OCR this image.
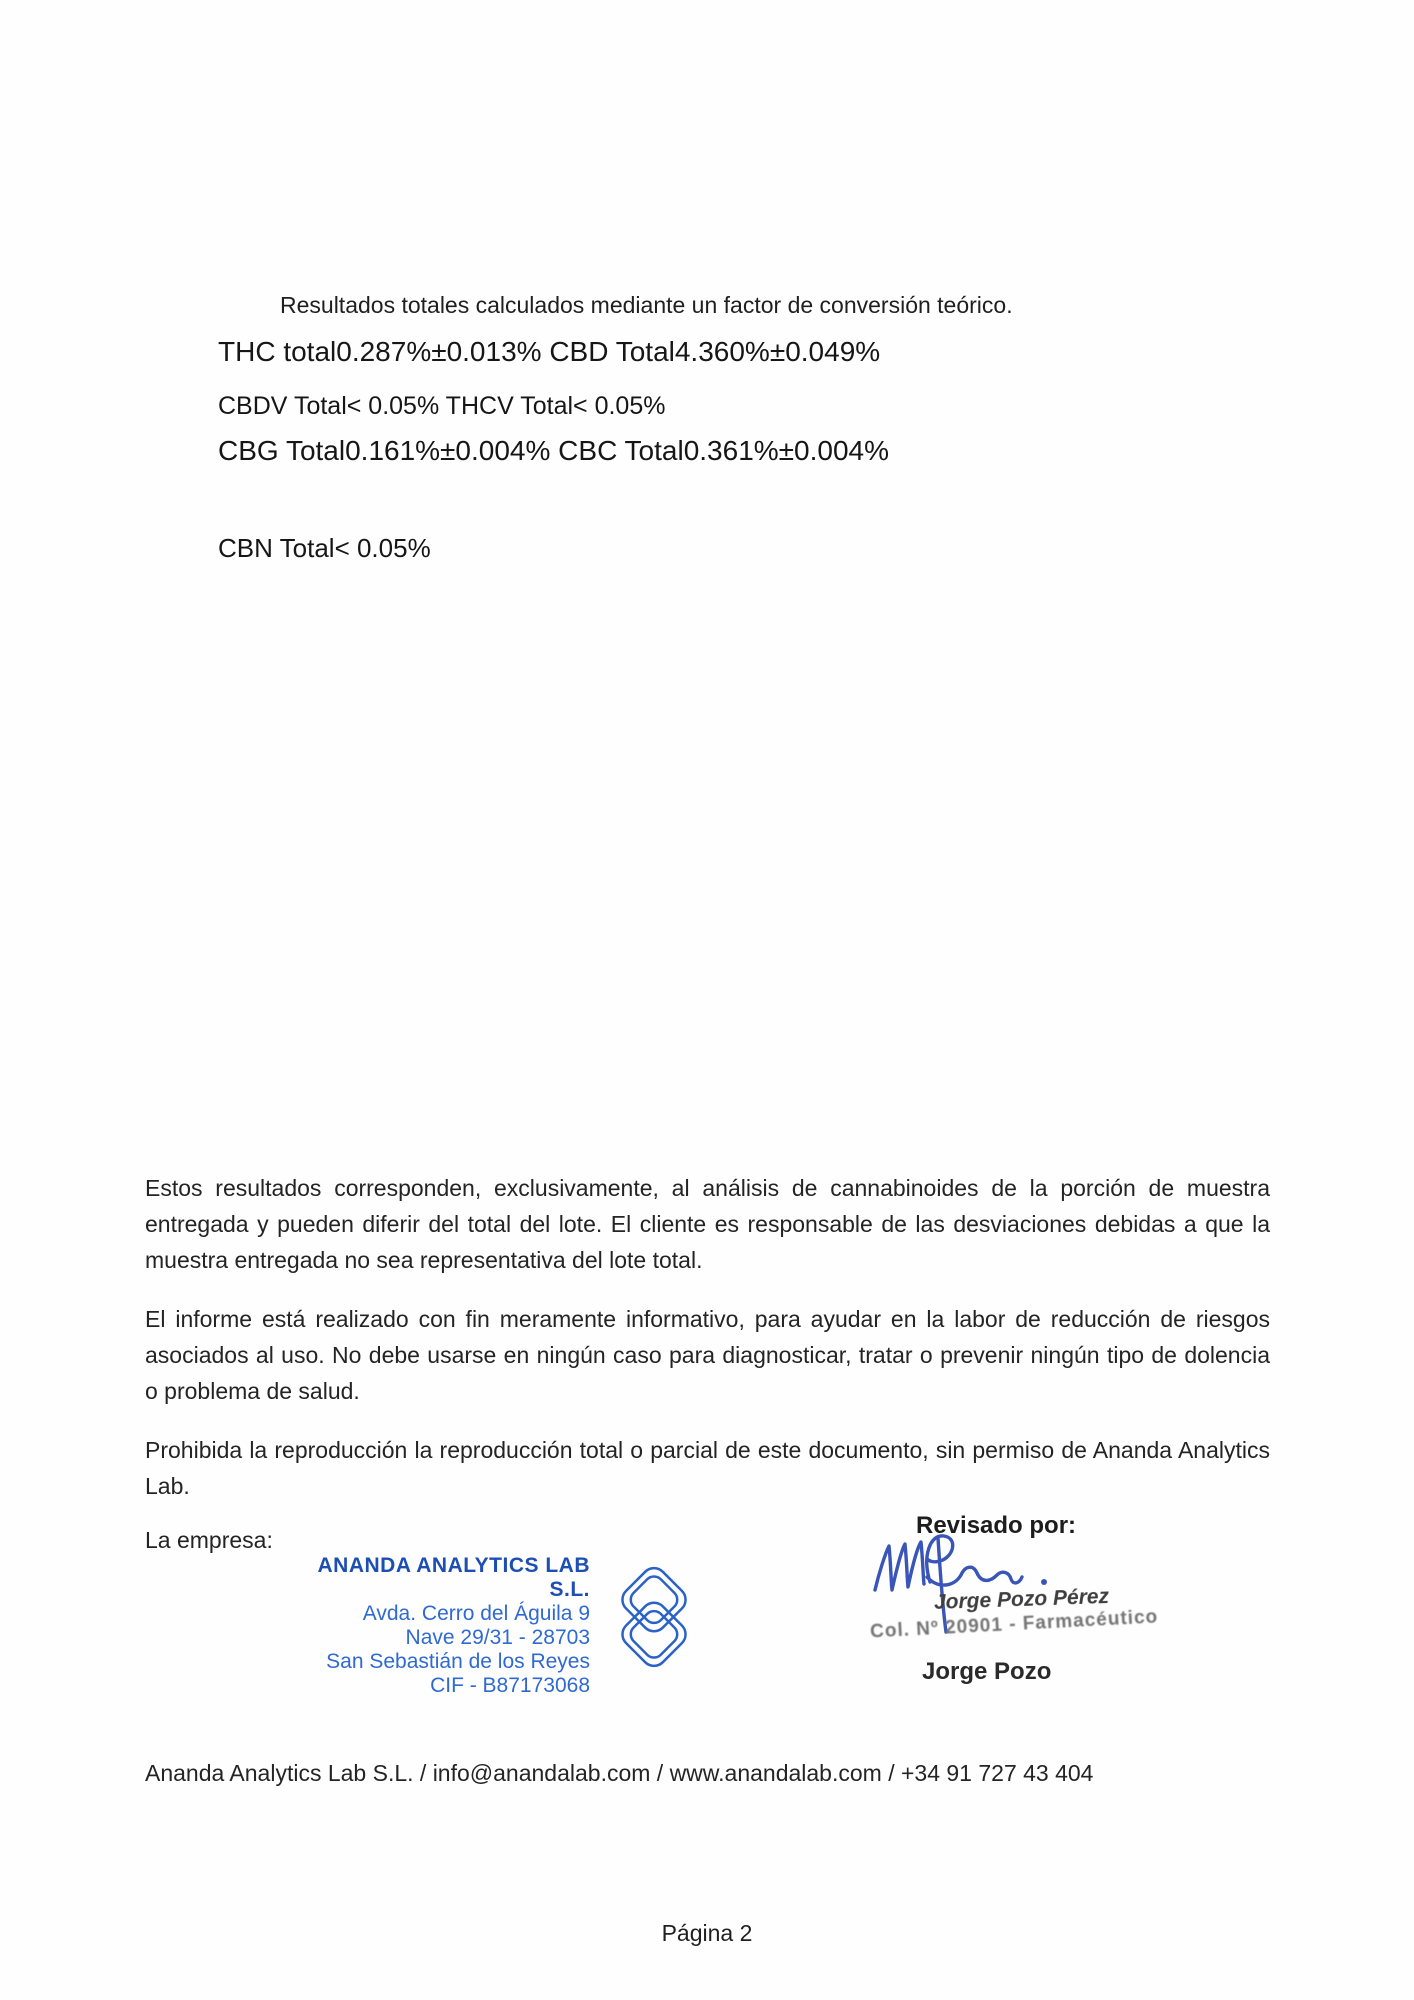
Resultados totales calculados mediante un factor de conversión teórico.
THC total0.287%±0.013% CBD Total4.360%±0.049%
CBDV Total< 0.05% THCV Total< 0.05%
CBG Total0.161%±0.004% CBC Total0.361%±0.004%
CBN Total< 0.05%

Estos resultados corresponden, exclusivamente, al análisis de cannabinoides de la porción de muestra entregada y pueden diferir del total del lote. El cliente es responsable de las desviaciones debidas a que la muestra entregada no sea representativa del lote total.

El informe está realizado con fin meramente informativo, para ayudar en la labor de reducción de riesgos asociados al uso. No debe usarse en ningún caso para diagnosticar, tratar o prevenir ningún tipo de dolencia o problema de salud.

Prohibida la reproducción la reproducción total o parcial de este documento, sin permiso de Ananda Analytics Lab.

La empresa:
ANANDA ANALYTICS LAB S.L.
Avda. Cerro del Águila 9
Nave 29/31 - 28703
San Sebastián de los Reyes
CIF - B87173068
Revisado por:
Jorge Pozo Pérez
Col. Nº 20901 - Farmacéutico
Jorge Pozo
Ananda Analytics Lab S.L. / info@anandalab.com / www.anandalab.com / +34 91 727 43 404
Página 2
